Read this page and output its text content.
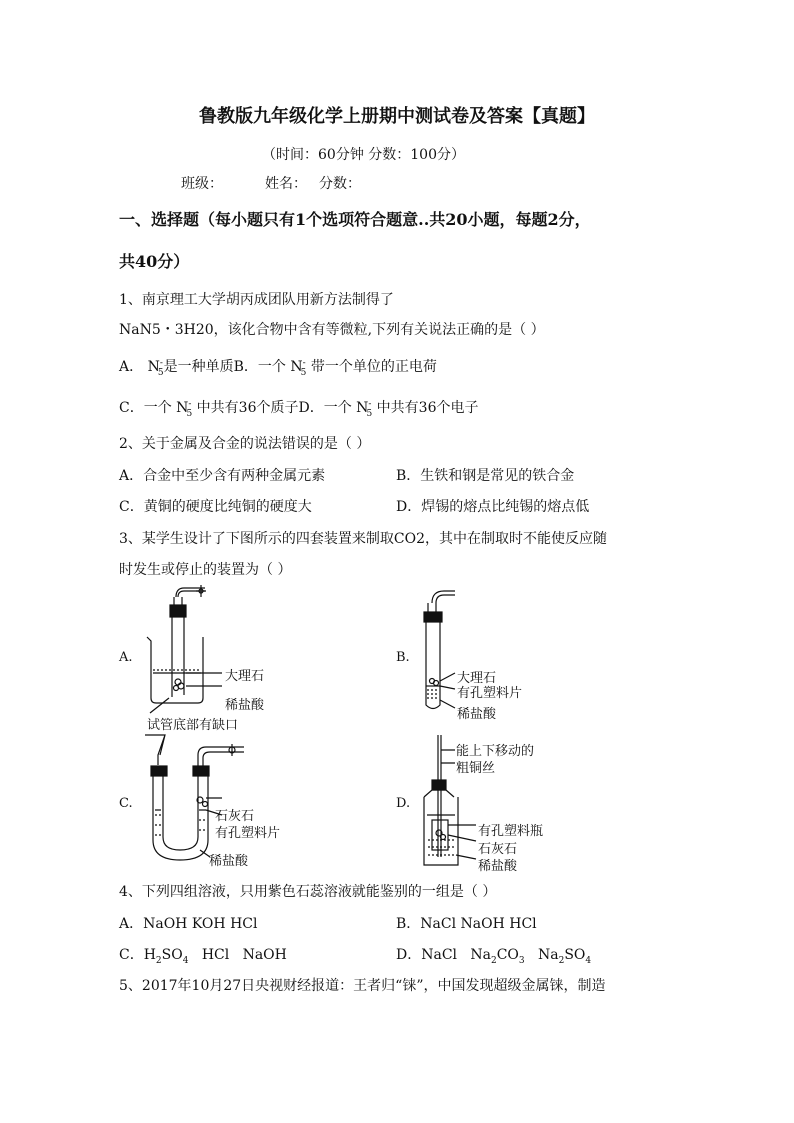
鲁教版九年级化学上册期中测试卷及答案【真题】
（时间：60分钟 分数：100分）
班级：	姓名： 分数：
一、选择题（每小题只有1个选项符合题意..共20小题，每题2分，
共40分）
1、南京理工大学胡丙成团队用新方法制得了
NaN5・3H20，该化合物中含有等微粒,下列有关说法正确的是（ ）
A． $N^-_5$是一种单质B．一个 $N^-_5$ 带一个单位的正电荷
C．一个 $N^-_5$ 中共有36个质子D．一个 $N^-_5$ 中共有36个电子
2、关于金属及合金的说法错误的是（ ）
A．合金中至少含有两种金属元素	B．生铁和钢是常见的铁合金
C．黄铜的硬度比纯铜的硬度大	D．焊锡的熔点比纯锡的熔点低
3、某学生设计了下图所示的四套装置来制取CO2，其中在制取时不能使反应随
时发生或停止的装置为（ ）
A.
大理石
稀盐酸
试管底部有缺口
B.
大理石
有孔塑料片
稀盐酸
C.
石灰石
有孔塑料片
稀盐酸
D.
能上下移动的
粗铜丝
有孔塑料瓶
石灰石
稀盐酸
4、下列四组溶液，只用紫色石蕊溶液就能鉴别的一组是（ ）
A．NaOH KOH HCl	B．NaCl NaOH HCl
C．$H_2SO_4$   HCl   NaOH	D．NaCl   $Na_2CO_3$   $Na_2SO_4$
5、2017年10月27日央视财经报道：王者归“铼”，中国发现超级金属铼，制造
